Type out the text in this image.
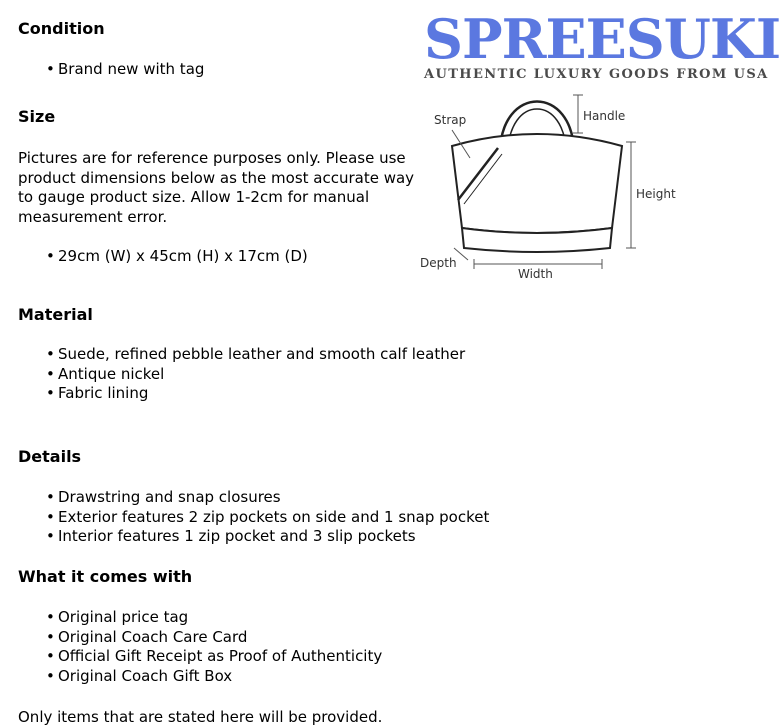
SPREESUKI
AUTHENTIC LUXURY GOODS FROM USA
Condition
• Brand new with tag
Size
Pictures are for reference purposes only. Please use product dimensions below as the most accurate way to gauge product size. Allow 1-2cm for manual measurement error.
• 29cm (W) x 45cm (H) x 17cm (D)
Strap	Handle
Height
Depth
Width
Material
• Suede, refined pebble leather and smooth calf leather
• Antique nickel
• Fabric lining
Details
• Drawstring and snap closures
• Exterior features 2 zip pockets on side and 1 snap pocket
• Interior features 1 zip pocket and 3 slip pockets
What it comes with
• Original price tag
• Original Coach Care Card
• Official Gift Receipt as Proof of Authenticity
• Original Coach Gift Box
Only items that are stated here will be provided.
